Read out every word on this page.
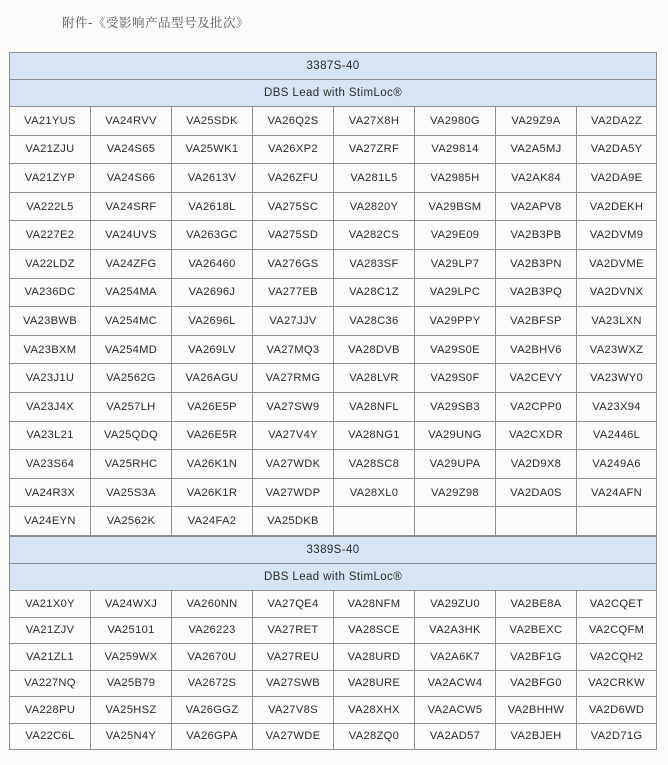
附件-《受影响产品型号及批次》
3387S-40							
DBS Lead with StimLoc®							
VA21YUS	VA24RVV	VA25SDK	VA26Q2S	VA27X8H	VA2980G	VA29Z9A	VA2DA2Z
VA21ZJU	VA24S65	VA25WK1	VA26XP2	VA27ZRF	VA29814	VA2A5MJ	VA2DA5Y
VA21ZYP	VA24S66	VA2613V	VA26ZFU	VA281L5	VA2985H	VA2AK84	VA2DA9E
VA222L5	VA24SRF	VA2618L	VA275SC	VA2820Y	VA29BSM	VA2APV8	VA2DEKH
VA227E2	VA24UVS	VA263GC	VA275SD	VA282CS	VA29E09	VA2B3PB	VA2DVM9
VA22LDZ	VA24ZFG	VA26460	VA276GS	VA283SF	VA29LP7	VA2B3PN	VA2DVME
VA236DC	VA254MA	VA2696J	VA277EB	VA28C1Z	VA29LPC	VA2B3PQ	VA2DVNX
VA23BWB	VA254MC	VA2696L	VA27JJV	VA28C36	VA29PPY	VA2BFSP	VA23LXN
VA23BXM	VA254MD	VA269LV	VA27MQ3	VA28DVB	VA29S0E	VA2BHV6	VA23WXZ
VA23J1U	VA2562G	VA26AGU	VA27RMG	VA28LVR	VA29S0F	VA2CEVY	VA23WY0
VA23J4X	VA257LH	VA26E5P	VA27SW9	VA28NFL	VA29SB3	VA2CPP0	VA23X94
VA23L21	VA25QDQ	VA26E5R	VA27V4Y	VA28NG1	VA29UNG	VA2CXDR	VA2446L
VA23S64	VA25RHC	VA26K1N	VA27WDK	VA28SC8	VA29UPA	VA2D9X8	VA249A6
VA24R3X	VA25S3A	VA26K1R	VA27WDP	VA28XL0	VA29Z98	VA2DA0S	VA24AFN
VA24EYN	VA2562K	VA24FA2	VA25DKB				
3389S-40							
DBS Lead with StimLoc®							
VA21X0Y	VA24WXJ	VA260NN	VA27QE4	VA28NFM	VA29ZU0	VA2BE8A	VA2CQET
VA21ZJV	VA25101	VA26223	VA27RET	VA28SCE	VA2A3HK	VA2BEXC	VA2CQFM
VA21ZL1	VA259WX	VA2670U	VA27REU	VA28URD	VA2A6K7	VA2BF1G	VA2CQH2
VA227NQ	VA25B79	VA2672S	VA27SWB	VA28URE	VA2ACW4	VA2BFG0	VA2CRKW
VA228PU	VA25HSZ	VA26GGZ	VA27V8S	VA28XHX	VA2ACW5	VA2BHHW	VA2D6WD
VA22C6L	VA25N4Y	VA26GPA	VA27WDE	VA28ZQ0	VA2AD57	VA2BJEH	VA2D71G
